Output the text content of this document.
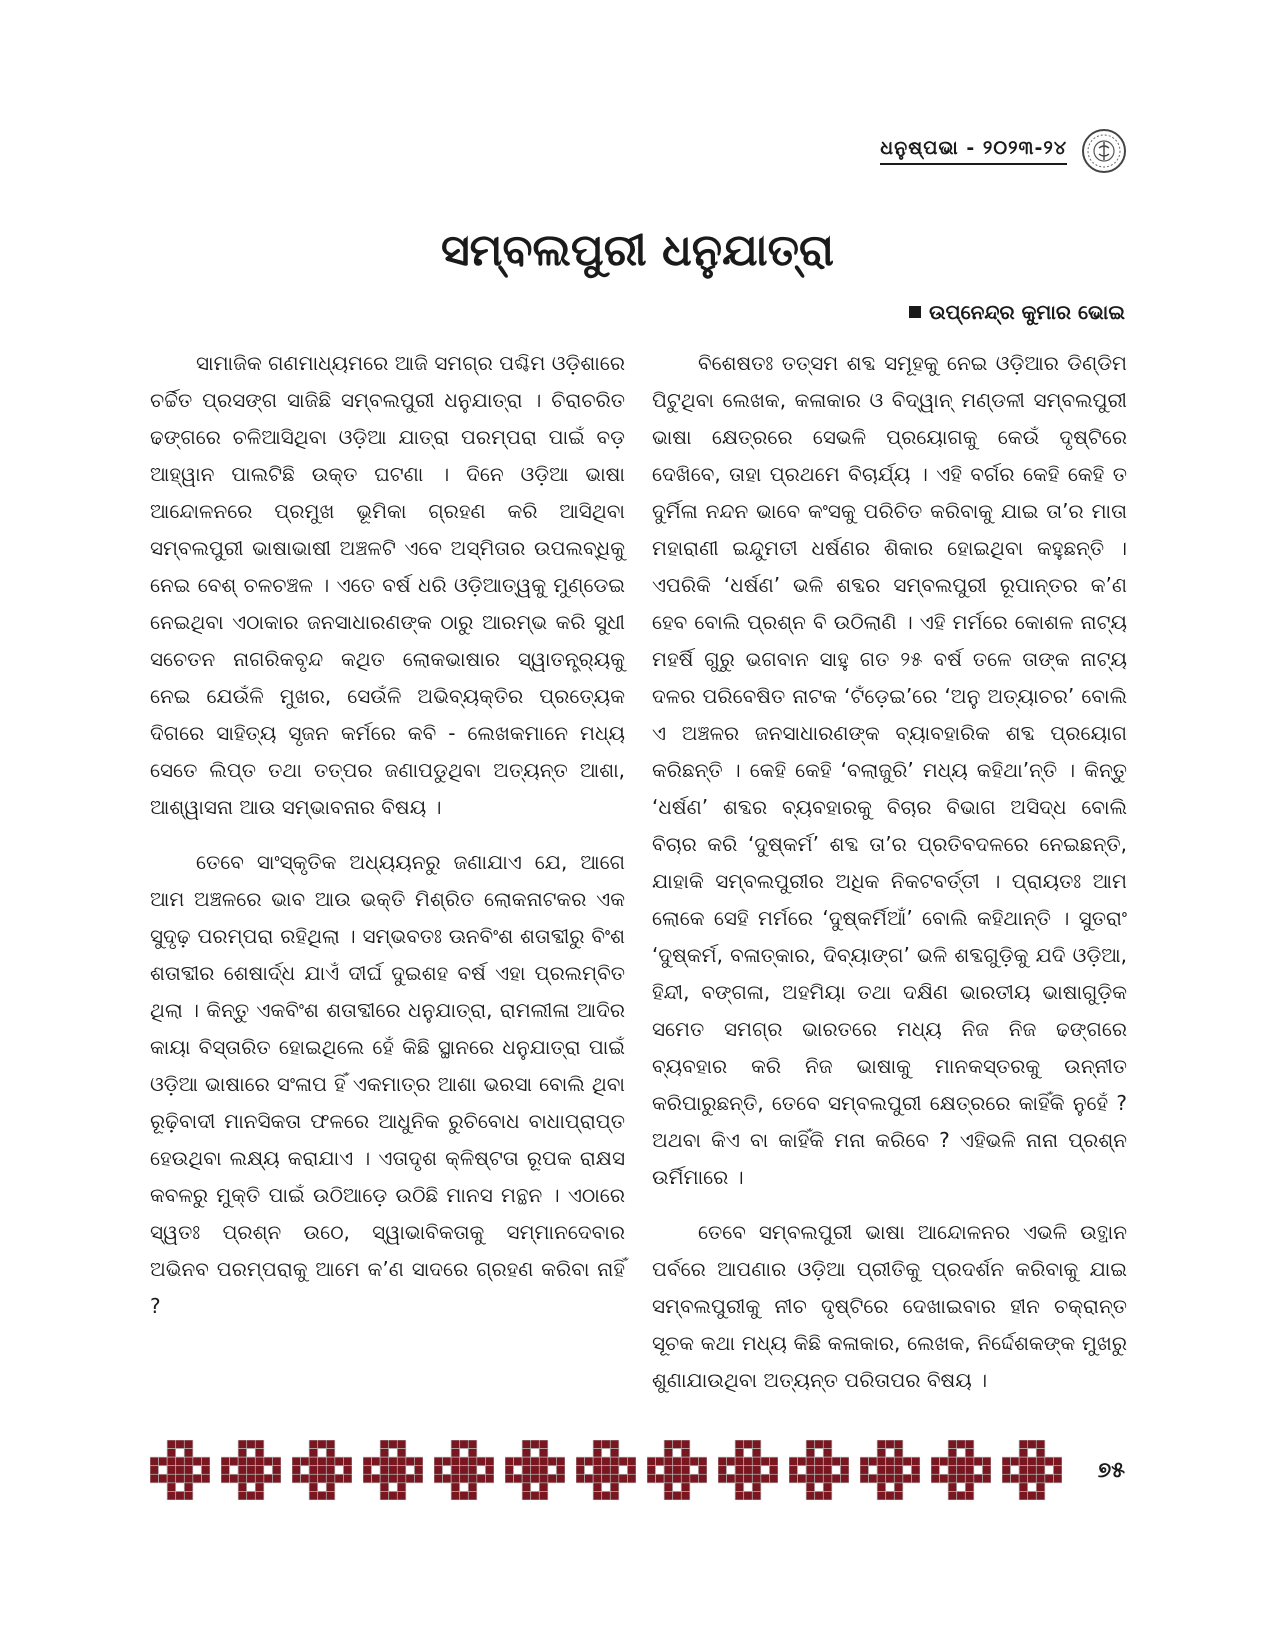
ଧନୁଷ୍ପଭା - ୨୦୨୩-୨୪
ସମ୍ବଲପୁରୀ ଧନୁଯାତ୍ରା
ଉପ୍ନେନ୍ଦ୍ର କୁମାର ଭୋଇ

ସାମାଜିକ ଗଣମାଧ୍ୟମରେ ଆଜି ସମଗ୍ର ପଶ୍ଚିମ ଓଡ଼ିଶାରେ ଚର୍ଚ୍ଚିତ ପ୍ରସଙ୍ଗ ସାଜିଛି ସମ୍ବଲପୁରୀ ଧନୁଯାତ୍ରା । ଚିରାଚରିତ ଢଙ୍ଗରେ ଚଳିଆସିଥିବା ଓଡ଼ିଆ ଯାତ୍ରା ପରମ୍ପରା ପାଇଁ ବଡ଼ ଆହ୍ୱାନ ପାଲଟିଛି ଉକ୍ତ ଘଟଣା । ଦିନେ ଓଡ଼ିଆ ଭାଷା ଆନ୍ଦୋଳନରେ ପ୍ରମୁଖ ଭୂମିକା ଗ୍ରହଣ କରି ଆସିଥିବା ସମ୍ବଲପୁରୀ ଭାଷାଭାଷୀ ଅଞ୍ଚଳଟି ଏବେ ଅସ୍ମିତାର ଉପଲବ୍ଧିକୁ ନେଇ ବେଶ୍ ଚଳଚଞ୍ଚଳ । ଏତେ ବର୍ଷ ଧରି ଓଡ଼ିଆତ୍ୱକୁ ମୁଣ୍ଡେଇ ନେଇଥିବା ଏଠାକାର ଜନସାଧାରଣଙ୍କ ଠାରୁ ଆରମ୍ଭ କରି ସୁଧୀ ସଚେତନ ନାଗରିକବୃନ୍ଦ କଥିତ ଲୋକଭାଷାର ସ୍ୱାତନ୍ତ୍ର୍ୟକୁ ନେଇ ଯେଉଁଳି ମୁଖର, ସେଉଁଳି ଅଭିବ୍ୟକ୍ତିର ପ୍ରତ୍ୟେକ ଦିଗରେ ସାହିତ୍ୟ ସୃଜନ କର୍ମରେ କବି - ଲେଖକମାନେ ମଧ୍ୟ ସେତେ ଲିପ୍ତ ତଥା ତତ୍ପର ଜଣାପଡୁଥିବା ଅତ୍ୟନ୍ତ ଆଶା, ଆଶ୍ୱାସନା ଆଉ ସମ୍ଭାବନାର ବିଷୟ ।

ତେବେ ସାଂସ୍କୃତିକ ଅଧ୍ୟୟନରୁ ଜଣାଯାଏ ଯେ, ଆଗେ ଆମ ଅଞ୍ଚଳରେ ଭାବ ଆଉ ଭକ୍ତି ମିଶ୍ରିତ ଲୋକନାଟକର ଏକ ସୁଦୃଢ଼ ପରମ୍ପରା ରହିଥିଲା । ସମ୍ଭବତଃ ଊନବିଂଶ ଶତାବ୍ଦୀରୁ ବିଂଶ ଶତାବ୍ଦୀର ଶେଷାର୍ଦ୍ଧ ଯାଏଁ ଦୀର୍ଘ ଦୁଇଶହ ବର୍ଷ ଏହା ପ୍ରଲମ୍ବିତ ଥିଲା । କିନ୍ତୁ ଏକବିଂଶ ଶତାବ୍ଦୀରେ ଧନୁଯାତ୍ରା, ରାମଲୀଳା ଆଦିର କାୟା ବିସ୍ତାରିତ ହୋଇଥିଲେ ହେଁ କିଛି ସ୍ଥାନରେ ଧନୁଯାତ୍ରା ପାଇଁ ଓଡ଼ିଆ ଭାଷାରେ ସଂଳାପ ହିଁ ଏକମାତ୍ର ଆଶା ଭରସା ବୋଲି ଥିବା ରୂଢ଼ିବାଦୀ ମାନସିକତା ଫଳରେ ଆଧୁନିକ ରୁଚିବୋଧ ବାଧାପ୍ରାପ୍ତ ହେଉଥିବା ଲକ୍ଷ୍ୟ କରାଯାଏ । ଏତାଦୃଶ କ୍ଳିଷ୍ଟତା ରୂପକ ରାକ୍ଷସ କବଳରୁ ମୁକ୍ତି ପାଇଁ ଉଠିଆଡ଼େ ଉଠିଛି ମାନସ ମନ୍ଥନ । ଏଠାରେ ସ୍ୱତଃ ପ୍ରଶ୍ନ ଉଠେ, ସ୍ୱାଭାବିକତାକୁ ସମ୍ମାନଦେବାର ଅଭିନବ ପରମ୍ପରାକୁ ଆମେ କ’ଣ ସାଦରେ ଗ୍ରହଣ କରିବା ନାହିଁ ?

ବିଶେଷତଃ ତତ୍ସମ ଶବ୍ଦ ସମୂହକୁ ନେଇ ଓଡ଼ିଆର ଡିଣ୍ଡିମ ପିଟୁଥିବା ଲେଖକ, କଳାକାର ଓ ବିଦ୍ୱାନ୍ ମଣ୍ଡଳୀ ସମ୍ବଲପୁରୀ ଭାଷା କ୍ଷେତ୍ରରେ ସେଭଳି ପ୍ରୟୋଗକୁ କେଉଁ ଦୃଷ୍ଟିରେ ଦେଖିବେ, ତାହା ପ୍ରଥମେ ବିଚାର୍ଯ୍ୟ । ଏହି ବର୍ଗର କେହି କେହି ତ ଦୁର୍ମିଳା ନନ୍ଦନ ଭାବେ କଂସକୁ ପରିଚିତ କରିବାକୁ ଯାଇ ତା’ର ମାତା ମହାରାଣୀ ଇନ୍ଦୁମତୀ ଧର୍ଷଣର ଶିକାର ହୋଇଥିବା କହୁଛନ୍ତି । ଏପରିକି ‘ଧର୍ଷଣ’ ଭଳି ଶବ୍ଦର ସମ୍ବଲପୁରୀ ରୂପାନ୍ତର କ’ଣ ହେବ ବୋଲି ପ୍ରଶ୍ନ ବି ଉଠିଲାଣି । ଏହି ମର୍ମରେ କୋଶଳ ନାଟ୍ୟ ମହର୍ଷି ଗୁରୁ ଭଗବାନ ସାହୁ ଗତ ୨୫ ବର୍ଷ ତଳେ ତାଙ୍କ ନାଟ୍ୟ ଦଳର ପରିବେଷିତ ନାଟକ ‘ଟଁଡ଼େଇ’ରେ ‘ଅନୁ ଅତ୍ୟାଚର’ ବୋଲି ଏ ଅଞ୍ଚଳର ଜନସାଧାରଣଙ୍କ ବ୍ୟାବହାରିକ ଶବ୍ଦ ପ୍ରୟୋଗ କରିଛନ୍ତି । କେହି କେହି ‘ବଲାଜୁରି’ ମଧ୍ୟ କହିଥା’ନ୍ତି । କିନ୍ତୁ ‘ଧର୍ଷଣ’ ଶବ୍ଦର ବ୍ୟବହାରକୁ ବିଚାର ବିଭାଗ ଅସିଦ୍ଧ ବୋଲି ବିଚାର କରି ‘ଦୁଷ୍କର୍ମ’ ଶବ୍ଦ ତା’ର ପ୍ରତିବଦଳରେ ନେଇଛନ୍ତି, ଯାହାକି ସମ୍ବଲପୁରୀର ଅଧିକ ନିକଟବର୍ତ୍ତୀ । ପ୍ରାୟତଃ ଆମ ଲୋକେ ସେହି ମର୍ମରେ ‘ଦୁଷ୍କର୍ମିଆଁ’ ବୋଲି କହିଥାନ୍ତି । ସୁତରାଂ ‘ଦୁଷ୍କର୍ମ, ବଳାତ୍କାର, ଦିବ୍ୟାଙ୍ଗ’ ଭଳି ଶବ୍ଦଗୁଡ଼ିକୁ ଯଦି ଓଡ଼ିଆ, ହିନ୍ଦୀ, ବଙ୍ଗଳା, ଅହମିୟା ତଥା ଦକ୍ଷିଣ ଭାରତୀୟ ଭାଷାଗୁଡ଼ିକ ସମେତ ସମଗ୍ର ଭାରତରେ ମଧ୍ୟ ନିଜ ନିଜ ଢଙ୍ଗରେ ବ୍ୟବହାର କରି ନିଜ ଭାଷାକୁ ମାନକସ୍ତରକୁ ଉନ୍ନୀତ କରିପାରୁଛନ୍ତି, ତେବେ ସମ୍ବଲପୁରୀ କ୍ଷେତ୍ରରେ କାହିଁକି ନୁହେଁ ? ଅଥବା କିଏ ବା କାହିଁକି ମନା କରିବେ ? ଏହିଭଳି ନାନା ପ୍ରଶ୍ନ ଉର୍ମିମାରେ ।

ତେବେ ସମ୍ବଲପୁରୀ ଭାଷା ଆନ୍ଦୋଳନର ଏଭଳି ଉତ୍ଥାନ ପର୍ବରେ ଆପଣାର ଓଡ଼ିଆ ପ୍ରୀତିକୁ ପ୍ରଦର୍ଶନ କରିବାକୁ ଯାଇ ସମ୍ବଲପୁରୀକୁ ନୀଚ ଦୃଷ୍ଟିରେ ଦେଖାଇବାର ହୀନ ଚକ୍ରାନ୍ତ ସୂଚକ କଥା ମଧ୍ୟ କିଛି କଳାକାର, ଲେଖକ, ନିର୍ଦ୍ଦେଶକଙ୍କ ମୁଖରୁ ଶୁଣାଯାଉଥିବା ଅତ୍ୟନ୍ତ ପରିତାପର ବିଷୟ ।

୭୫
